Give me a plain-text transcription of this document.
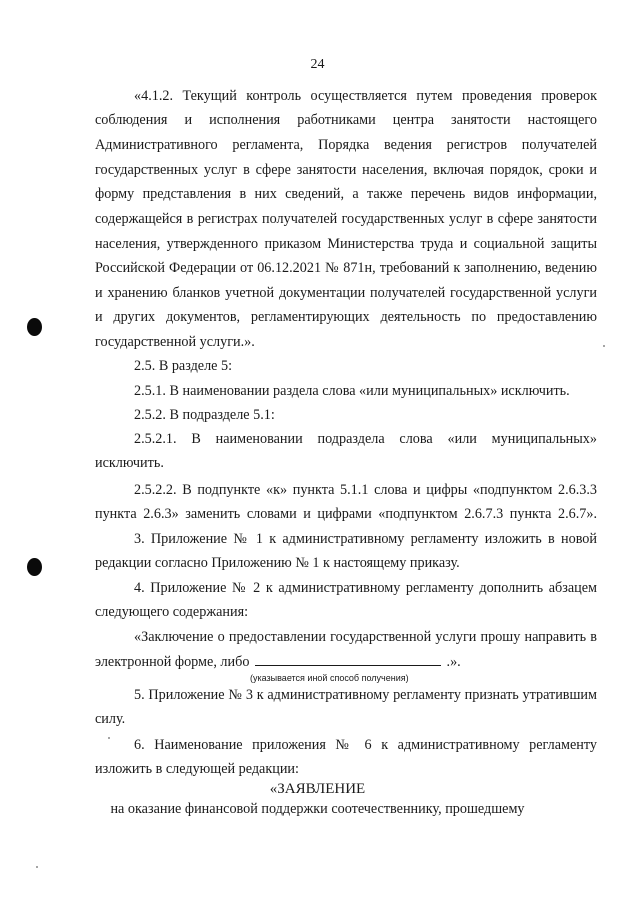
24
«4.1.2. Текущий контроль осуществляется путем проведения проверок
соблюдения и исполнения работниками центра занятости настоящего
Административного регламента, Порядка ведения регистров получателей
государственных услуг в сфере занятости населения, включая порядок, сроки и
форму представления в них сведений, а также перечень видов информации,
содержащейся в регистрах получателей государственных услуг в сфере занятости
населения, утвержденного приказом Министерства труда и социальной защиты
Российской Федерации от 06.12.2021 № 871н, требований к заполнению, ведению
и хранению бланков учетной документации получателей государственной услуги
и других документов, регламентирующих деятельность по предоставлению
государственной услуги.».
2.5. В разделе 5:
2.5.1. В наименовании раздела слова «или муниципальных» исключить.
2.5.2. В подразделе 5.1:
2.5.2.1. В наименовании подраздела слова «или муниципальных»
исключить.
2.5.2.2. В подпункте «к» пункта 5.1.1 слова и цифры «подпунктом 2.6.3.3
пункта 2.6.3» заменить словами и цифрами «подпунктом 2.6.7.3 пункта 2.6.7».
3. Приложение № 1 к административному регламенту изложить в новой
редакции согласно Приложению № 1 к настоящему приказу.
4. Приложение № 2 к административному регламенту дополнить абзацем
следующего содержания:
«Заключение о предоставлении государственной услуги прошу направить в
электронной форме, либо	.».
(указывается иной способ получения)
5. Приложение № 3 к административному регламенту признать утратившим
силу.
6. Наименование приложения № 6 к административному регламенту
изложить в следующей редакции:
«ЗАЯВЛЕНИЕ
на оказание финансовой поддержки соотечественнику, прошедшему
